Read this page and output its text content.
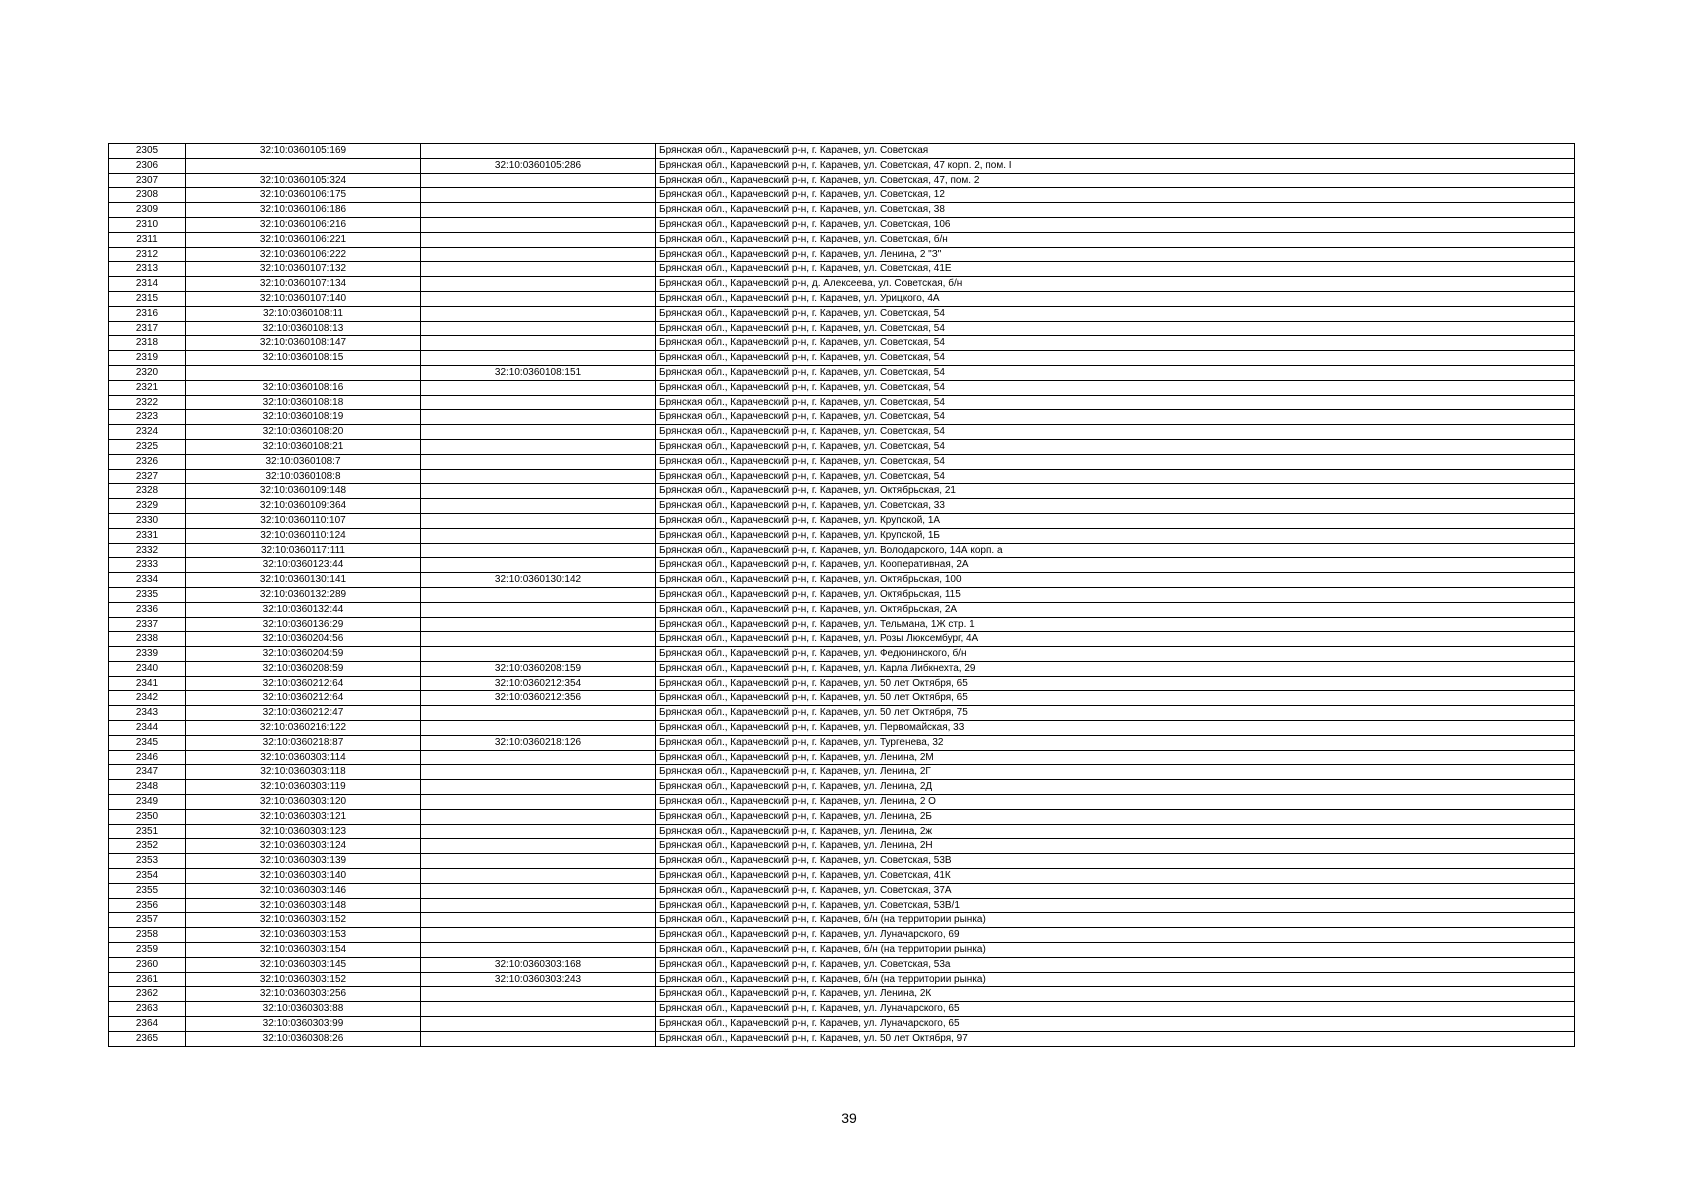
2305	32:10:0360105:169		Брянская обл., Карачевский р-н, г. Карачев, ул. Советская
2306		32:10:0360105:286	Брянская обл., Карачевский р-н, г. Карачев, ул. Советская, 47 корп. 2, пом. I
2307	32:10:0360105:324		Брянская обл., Карачевский р-н, г. Карачев, ул. Советская, 47, пом. 2
2308	32:10:0360106:175		Брянская обл., Карачевский р-н, г. Карачев, ул. Советская, 12
2309	32:10:0360106:186		Брянская обл., Карачевский р-н, г. Карачев, ул. Советская, 38
2310	32:10:0360106:216		Брянская обл., Карачевский р-н, г. Карачев, ул. Советская, 106
2311	32:10:0360106:221		Брянская обл., Карачевский р-н, г. Карачев, ул. Советская, б/н
2312	32:10:0360106:222		Брянская обл., Карачевский р-н, г. Карачев, ул. Ленина, 2 "З"
2313	32:10:0360107:132		Брянская обл., Карачевский р-н, г. Карачев, ул. Советская, 41Е
2314	32:10:0360107:134		Брянская обл., Карачевский р-н, д. Алексеева, ул. Советская, б/н
2315	32:10:0360107:140		Брянская обл., Карачевский р-н, г. Карачев, ул. Урицкого, 4А
2316	32:10:0360108:11		Брянская обл., Карачевский р-н, г. Карачев, ул. Советская, 54
2317	32:10:0360108:13		Брянская обл., Карачевский р-н, г. Карачев, ул. Советская, 54
2318	32:10:0360108:147		Брянская обл., Карачевский р-н, г. Карачев, ул. Советская, 54
2319	32:10:0360108:15		Брянская обл., Карачевский р-н, г. Карачев, ул. Советская, 54
2320		32:10:0360108:151	Брянская обл., Карачевский р-н, г. Карачев, ул. Советская, 54
2321	32:10:0360108:16		Брянская обл., Карачевский р-н, г. Карачев, ул. Советская, 54
2322	32:10:0360108:18		Брянская обл., Карачевский р-н, г. Карачев, ул. Советская, 54
2323	32:10:0360108:19		Брянская обл., Карачевский р-н, г. Карачев, ул. Советская, 54
2324	32:10:0360108:20		Брянская обл., Карачевский р-н, г. Карачев, ул. Советская, 54
2325	32:10:0360108:21		Брянская обл., Карачевский р-н, г. Карачев, ул. Советская, 54
2326	32:10:0360108:7		Брянская обл., Карачевский р-н, г. Карачев, ул. Советская, 54
2327	32:10:0360108:8		Брянская обл., Карачевский р-н, г. Карачев, ул. Советская, 54
2328	32:10:0360109:148		Брянская обл., Карачевский р-н, г. Карачев, ул. Октябрьская, 21
2329	32:10:0360109:364		Брянская обл., Карачевский р-н, г. Карачев, ул. Советская, 33
2330	32:10:0360110:107		Брянская обл., Карачевский р-н, г. Карачев, ул. Крупской, 1А
2331	32:10:0360110:124		Брянская обл., Карачевский р-н, г. Карачев, ул. Крупской, 1Б
2332	32:10:0360117:111		Брянская обл., Карачевский р-н, г. Карачев, ул. Володарского, 14А корп. а
2333	32:10:0360123:44		Брянская обл., Карачевский р-н, г. Карачев, ул. Кооперативная, 2А
2334	32:10:0360130:141	32:10:0360130:142	Брянская обл., Карачевский р-н, г. Карачев, ул. Октябрьская, 100
2335	32:10:0360132:289		Брянская обл., Карачевский р-н, г. Карачев, ул. Октябрьская, 115
2336	32:10:0360132:44		Брянская обл., Карачевский р-н, г. Карачев, ул. Октябрьская, 2А
2337	32:10:0360136:29		Брянская обл., Карачевский р-н, г. Карачев, ул. Тельмана, 1Ж стр. 1
2338	32:10:0360204:56		Брянская обл., Карачевский р-н, г. Карачев, ул. Розы Люксембург, 4А
2339	32:10:0360204:59		Брянская обл., Карачевский р-н, г. Карачев, ул. Федюнинского, б/н
2340	32:10:0360208:59	32:10:0360208:159	Брянская обл., Карачевский р-н, г. Карачев, ул. Карла Либкнехта, 29
2341	32:10:0360212:64	32:10:0360212:354	Брянская обл., Карачевский р-н, г. Карачев, ул. 50 лет Октября, 65
2342	32:10:0360212:64	32:10:0360212:356	Брянская обл., Карачевский р-н, г. Карачев, ул. 50 лет Октября, 65
2343	32:10:0360212:47		Брянская обл., Карачевский р-н, г. Карачев, ул. 50 лет Октября, 75
2344	32:10:0360216:122		Брянская обл., Карачевский р-н, г. Карачев, ул. Первомайская, 33
2345	32:10:0360218:87	32:10:0360218:126	Брянская обл., Карачевский р-н, г. Карачев, ул. Тургенева, 32
2346	32:10:0360303:114		Брянская обл., Карачевский р-н, г. Карачев, ул. Ленина, 2М
2347	32:10:0360303:118		Брянская обл., Карачевский р-н, г. Карачев, ул. Ленина, 2Г
2348	32:10:0360303:119		Брянская обл., Карачевский р-н, г. Карачев, ул. Ленина, 2Д
2349	32:10:0360303:120		Брянская обл., Карачевский р-н, г. Карачев, ул. Ленина, 2 О
2350	32:10:0360303:121		Брянская обл., Карачевский р-н, г. Карачев, ул. Ленина, 2Б
2351	32:10:0360303:123		Брянская обл., Карачевский р-н, г. Карачев, ул. Ленина, 2ж
2352	32:10:0360303:124		Брянская обл., Карачевский р-н, г. Карачев, ул. Ленина, 2Н
2353	32:10:0360303:139		Брянская обл., Карачевский р-н, г. Карачев, ул. Советская, 53В
2354	32:10:0360303:140		Брянская обл., Карачевский р-н, г. Карачев, ул. Советская, 41К
2355	32:10:0360303:146		Брянская обл., Карачевский р-н, г. Карачев, ул. Советская, 37А
2356	32:10:0360303:148		Брянская обл., Карачевский р-н, г. Карачев, ул. Советская, 53В/1
2357	32:10:0360303:152		Брянская обл., Карачевский р-н, г. Карачев, б/н (на территории рынка)
2358	32:10:0360303:153		Брянская обл., Карачевский р-н, г. Карачев, ул. Луначарского, 69
2359	32:10:0360303:154		Брянская обл., Карачевский р-н, г. Карачев, б/н (на территории рынка)
2360	32:10:0360303:145	32:10:0360303:168	Брянская обл., Карачевский р-н, г. Карачев, ул. Советская, 53а
2361	32:10:0360303:152	32:10:0360303:243	Брянская обл., Карачевский р-н, г. Карачев, б/н (на территории рынка)
2362	32:10:0360303:256		Брянская обл., Карачевский р-н, г. Карачев, ул. Ленина, 2К
2363	32:10:0360303:88		Брянская обл., Карачевский р-н, г. Карачев, ул. Луначарского, 65
2364	32:10:0360303:99		Брянская обл., Карачевский р-н, г. Карачев, ул. Луначарского, 65
2365	32:10:0360308:26		Брянская обл., Карачевский р-н, г. Карачев, ул. 50 лет Октября, 97
39
